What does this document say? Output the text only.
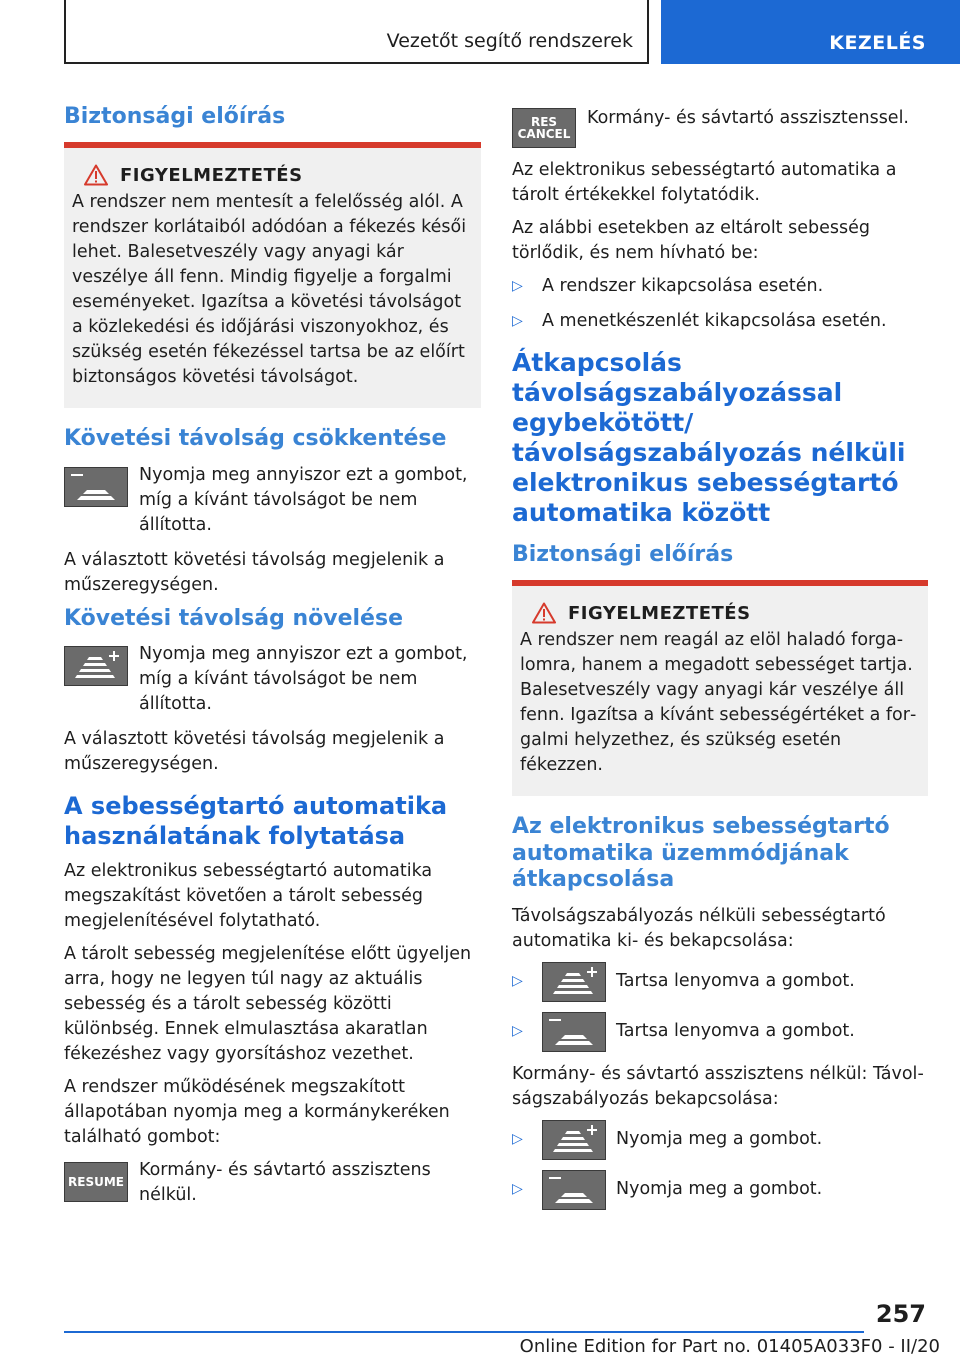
Vezetőt segítő rendszerek	KEZELÉS
Biztonsági előírás
FIGYELMEZTETÉS

A rendszer nem mentesít a felelősség alól. A rendszer korlátaiból adódóan a fékezés késői lehet. Balesetveszély vagy anyagi kár veszélye áll fenn. Mindig figyelje a forgalmi eseményeket. Igazítsa a követési távolságot a közlekedési és időjárási viszonyokhoz, és szükség esetén fékezéssel tartsa be az előírt biztonságos követési távolságot.

Követési távolság csökkentése
Nyomja meg annyiszor ezt a gombot, míg a kívánt távolságot be nem állította.

A választott követési távolság megjelenik a műszeregységen.

Követési távolság növelése
Nyomja meg annyiszor ezt a gombot, míg a kívánt távolságot be nem állította.

A választott követési távolság megjelenik a műszeregységen.

A sebességtartó automatika használatának folytatása

Az elektronikus sebességtartó automatika megszakítást követően a tárolt sebesség megjelenítésével folytatható.

A tárolt sebesség megjelenítése előtt ügyeljen arra, hogy ne legyen túl nagy az aktuális sebesség és a tárolt sebesség közötti különbség. Ennek elmulasztása akaratlan fékezéshez vagy gyorsításhoz vezethet.

A rendszer működésének megszakított állapotában nyomja meg a kormánykeréken található gombot:

RESUME
Kormány- és sávtartó asszisztens nélkül.
RES
CANCEL
Kormány- és sávtartó asszisztenssel.

Az elektronikus sebességtartó automatika a tárolt értékekkel folytatódik.

Az alábbi esetekben az eltárolt sebesség törlődik, és nem hívható be:

▷	A rendszer kikapcsolása esetén.
▷	A menetkészenlét kikapcsolása esetén.
Átkapcsolás távolságszabályozással egybekötött/ távolságszabályozás nélküli elektronikus sebességtartó automatika között
Biztonsági előírás
FIGYELMEZTETÉS

A rendszer nem reagál az elöl haladó forgalomra, hanem a megadott sebességet tartja. Balesetveszély vagy anyagi kár veszélye áll fenn. Igazítsa a kívánt sebességértéket a forgalmi helyzethez, és szükség esetén fékezzen.

Az elektronikus sebességtartó automatika üzemmódjának átkapcsolása

Távolságszabályozás nélküli sebességtartó automatika ki- és bekapcsolása:

▷	Tartsa lenyomva a gombot.
▷	Tartsa lenyomva a gombot.

Kormány- és sávtartó asszisztens nélkül: Távolságszabályozás bekapcsolása:

▷	Nyomja meg a gombot.
▷	Nyomja meg a gombot.
257
Online Edition for Part no. 01405A033F0 - II/20
